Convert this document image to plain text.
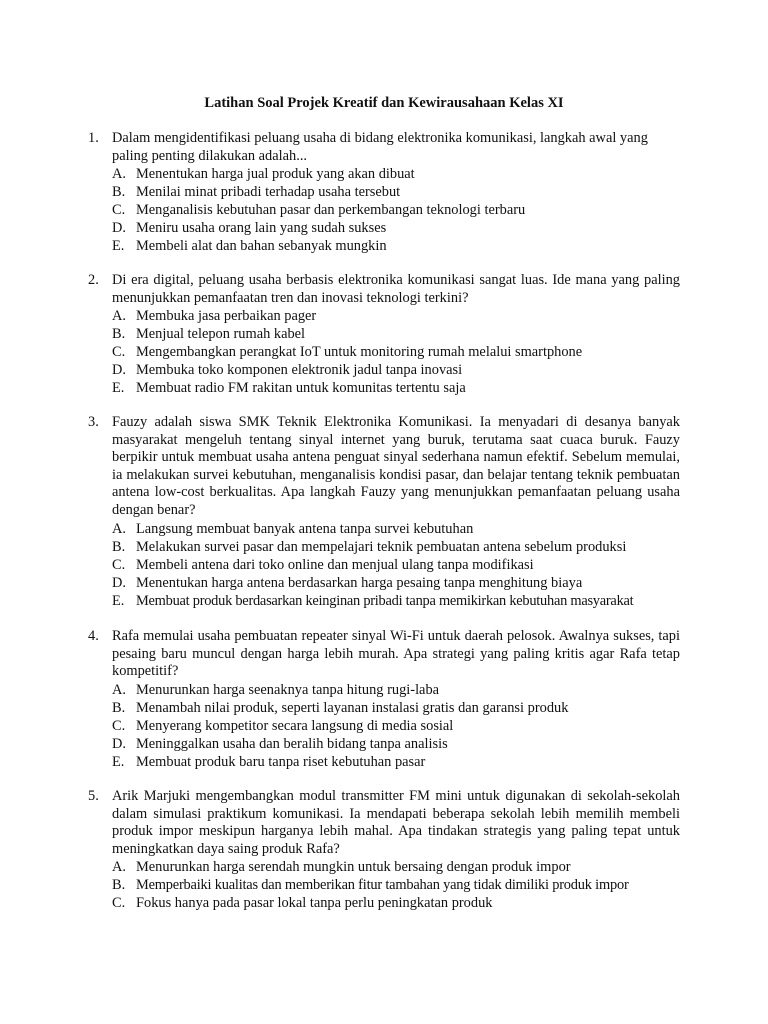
Latihan Soal Projek Kreatif dan Kewirausahaan Kelas XI
1. Dalam mengidentifikasi peluang usaha di bidang elektronika komunikasi, langkah awal yang paling penting dilakukan adalah...
A. Menentukan harga jual produk yang akan dibuat
B. Menilai minat pribadi terhadap usaha tersebut
C. Menganalisis kebutuhan pasar dan perkembangan teknologi terbaru
D. Meniru usaha orang lain yang sudah sukses
E. Membeli alat dan bahan sebanyak mungkin
2. Di era digital, peluang usaha berbasis elektronika komunikasi sangat luas. Ide mana yang paling menunjukkan pemanfaatan tren dan inovasi teknologi terkini?
A. Membuka jasa perbaikan pager
B. Menjual telepon rumah kabel
C. Mengembangkan perangkat IoT untuk monitoring rumah melalui smartphone
D. Membuka toko komponen elektronik jadul tanpa inovasi
E. Membuat radio FM rakitan untuk komunitas tertentu saja
3. Fauzy adalah siswa SMK Teknik Elektronika Komunikasi. Ia menyadari di desanya banyak masyarakat mengeluh tentang sinyal internet yang buruk, terutama saat cuaca buruk. Fauzy berpikir untuk membuat usaha antena penguat sinyal sederhana namun efektif. Sebelum memulai, ia melakukan survei kebutuhan, menganalisis kondisi pasar, dan belajar tentang teknik pembuatan antena low-cost berkualitas. Apa langkah Fauzy yang menunjukkan pemanfaatan peluang usaha dengan benar?
A. Langsung membuat banyak antena tanpa survei kebutuhan
B. Melakukan survei pasar dan mempelajari teknik pembuatan antena sebelum produksi
C. Membeli antena dari toko online dan menjual ulang tanpa modifikasi
D. Menentukan harga antena berdasarkan harga pesaing tanpa menghitung biaya
E. Membuat produk berdasarkan keinginan pribadi tanpa memikirkan kebutuhan masyarakat
4. Rafa memulai usaha pembuatan repeater sinyal Wi-Fi untuk daerah pelosok. Awalnya sukses, tapi pesaing baru muncul dengan harga lebih murah. Apa strategi yang paling kritis agar Rafa tetap kompetitif?
A. Menurunkan harga seenaknya tanpa hitung rugi-laba
B. Menambah nilai produk, seperti layanan instalasi gratis dan garansi produk
C. Menyerang kompetitor secara langsung di media sosial
D. Meninggalkan usaha dan beralih bidang tanpa analisis
E. Membuat produk baru tanpa riset kebutuhan pasar
5. Arik Marjuki mengembangkan modul transmitter FM mini untuk digunakan di sekolah-sekolah dalam simulasi praktikum komunikasi. Ia mendapati beberapa sekolah lebih memilih membeli produk impor meskipun harganya lebih mahal. Apa tindakan strategis yang paling tepat untuk meningkatkan daya saing produk Rafa?
A. Menurunkan harga serendah mungkin untuk bersaing dengan produk impor
B. Memperbaiki kualitas dan memberikan fitur tambahan yang tidak dimiliki produk impor
C. Fokus hanya pada pasar lokal tanpa perlu peningkatan produk
